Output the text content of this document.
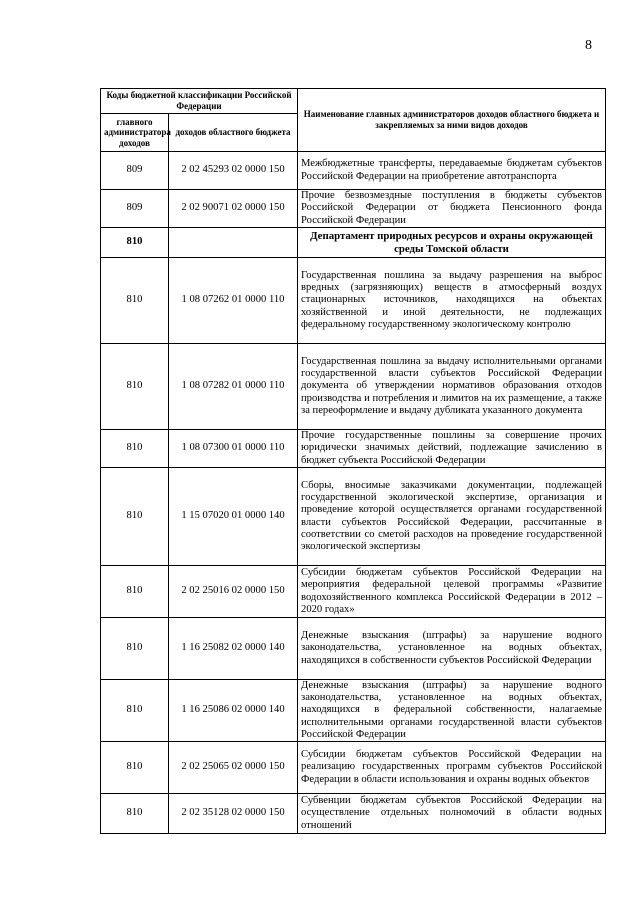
8
Коды бюджетной классификации Российской Федерации		Наименование главных администраторов доходов областного бюджета и закрепляемых за ними видов доходов
главного администратора доходов	доходов областного бюджета	
809	2 02 45293 02 0000 150	Межбюджетные трансферты, передаваемые бюджетам субъектов Российской Федерации на приобретение автотранспорта
809	2 02 90071 02 0000 150	Прочие безвозмездные поступления в бюджеты субъектов Российской Федерации от бюджета Пенсионного фонда Российской Федерации
810		Департамент природных ресурсов и охраны окружающей среды Томской области
810	1 08 07262 01 0000 110	Государственная пошлина за выдачу разрешения на выброс вредных (загрязняющих) веществ в атмосферный воздух стационарных источников, находящихся на объектах хозяйственной и иной деятельности, не подлежащих федеральному государственному экологическому контролю
810	1 08 07282 01 0000 110	Государственная пошлина за выдачу исполнительными органами государственной власти субъектов Российской Федерации документа об утверждении нормативов образования отходов производства и потребления и лимитов на их размещение, а также за переоформление и выдачу дубликата указанного документа
810	1 08 07300 01 0000 110	Прочие государственные пошлины за совершение прочих юридически значимых действий, подлежащие зачислению в бюджет субъекта Российской Федерации
810	1 15 07020 01 0000 140	Сборы, вносимые заказчиками документации, подлежащей государственной экологической экспертизе, организация и проведение которой осуществляется органами государственной власти субъектов Российской Федерации, рассчитанные в соответствии со сметой расходов на проведение государственной экологической экспертизы
810	2 02 25016 02 0000 150	Субсидии бюджетам субъектов Российской Федерации на мероприятия федеральной целевой программы «Развитие водохозяйственного комплекса Российской Федерации в 2012 – 2020 годах»
810	1 16 25082 02 0000 140	Денежные взыскания (штрафы) за нарушение водного законодательства, установленное на водных объектах, находящихся в собственности субъектов Российской Федерации
810	1 16 25086 02 0000 140	Денежные взыскания (штрафы) за нарушение водного законодательства, установленное на водных объектах, находящихся в федеральной собственности, налагаемые исполнительными органами государственной власти субъектов Российской Федерации
810	2 02 25065 02 0000 150	Субсидии бюджетам субъектов Российской Федерации на реализацию государственных программ субъектов Российской Федерации в области использования и охраны водных объектов
810	2 02 35128 02 0000 150	Субвенции бюджетам субъектов Российской Федерации на осуществление отдельных полномочий в области водных отношений
